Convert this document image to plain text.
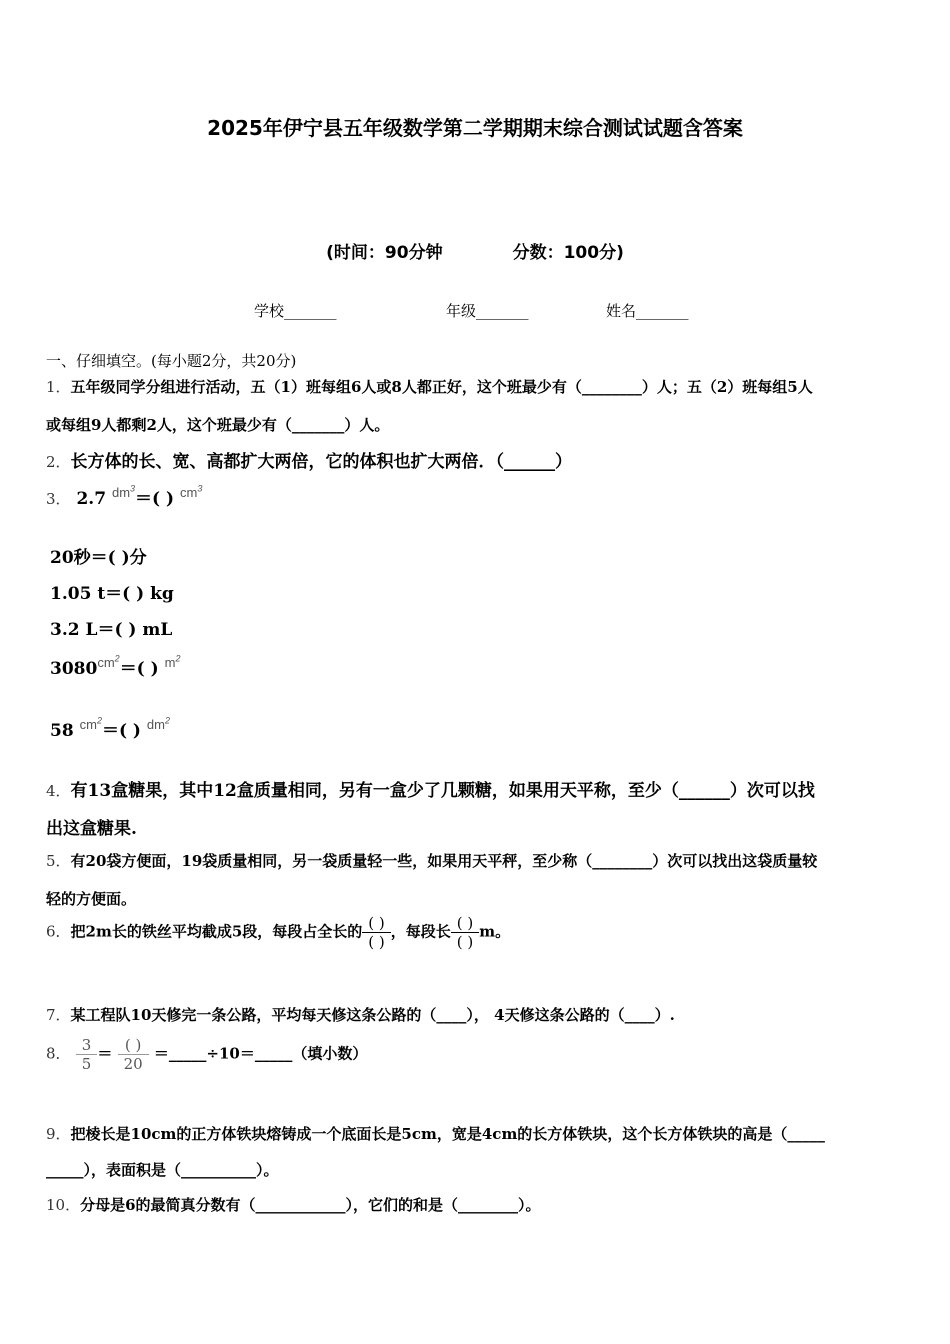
2025年伊宁县五年级数学第二学期期末综合测试试题含答案
(时间：90分钟	分数：100分)
学校_______	年级_______	姓名_______
一、仔细填空。(每小题2分，共20分)
1．五年级同学分组进行活动，五（1）班每组6人或8人都正好，这个班最少有（________）人；五（2）班每组5人
或每组9人都剩2人，这个班最少有（_______）人。
2．长方体的长、宽、高都扩大两倍，它的体积也扩大两倍．（______）
3． 2.7 $^{dm^3}$＝( ) $^{cm^3}$
20秒＝( )分
1.05 t＝( ) kg
3.2 L＝( ) mL
$3080^{cm^2}=$( ) $^{m^2}$
58 $^{cm^2}$＝( ) $^{dm^2}$
4．有13盒糖果，其中12盒质量相同，另有一盒少了几颗糖，如果用天平称，至少（______）次可以找
出这盒糖果.
5．有20袋方便面，19袋质量相同，另一袋质量轻一些，如果用天平秤，至少称（________）次可以找出这袋质量较
轻的方便面。
6．把2m长的铁丝平均截成5段，每段占全长的 $\frac{( )}{( )}$ ，每段长 $\frac{( )}{( )}$ m。
7．某工程队10天修完一条公路，平均每天修这条公路的（____）， 4天修这条公路的（____）.
8． $\frac{3}{5} = \frac{( )}{20}$ ＝_____÷10＝_____（填小数）
9．把棱长是10cm的正方体铁块熔铸成一个底面长是5cm，宽是4cm的长方体铁块，这个长方体铁块的高是（_____
_____），表面积是（__________）。
10．分母是6的最简真分数有（____________），它们的和是（________）。
